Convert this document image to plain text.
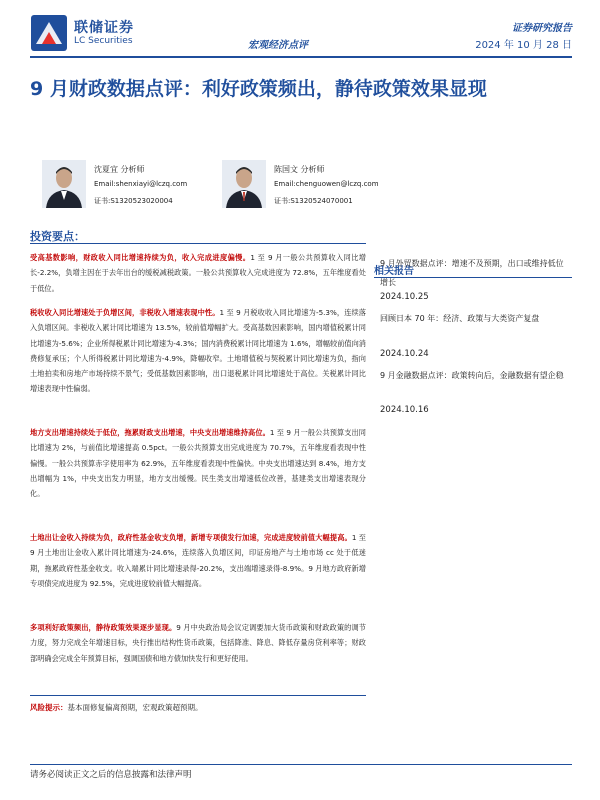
联储证券
LC Securities	宏观经济点评
证券研究报告
2024 年 10 月 28 日
9 月财政数据点评：利好政策频出，静待政策效果显现
沈夏宜 分析师
Email:shenxiayi@lczq.com
证书:S1320523020004
陈国文 分析师
Email:chenguowen@lczq.com
证书:S1320524070001
投资要点：
受高基数影响，财政收入同比增速持续为负，收入完成进度偏慢。1 至 9 月一般公共预算收入同比增长-2.2%，负增主因在于去年出台的缓税减税政策。一般公共预算收入完成进度为 72.8%，五年维度看处于低位。
税收收入同比增速处于负增区间，非税收入增速表现中性。1 至 9 月税收收入同比增速为-5.3%，连续落入负增区间。非税收入累计同比增速为 13.5%，较前值增幅扩大。受高基数因素影响，国内增值税累计同比增速为-5.6%；企业所得税累计同比增速为-4.3%；国内消费税累计同比增速为 1.6%，增幅较前值向消费修复承压；个人所得税累计同比增速为-4.9%，降幅收窄。土地增值税与契税累计同比增速为负，指向土地拍卖和房地产市场持续不景气；受低基数因素影响，出口退税累计同比增速处于高位。关税累计同比增速表现中性偏弱。
地方支出增速持续处于低位，拖累财政支出增速，中央支出增速维持高位。1 至 9 月一般公共预算支出同比增速为 2%，与前值比增速提高 0.5pct。一般公共预算支出完成进度为 70.7%，五年维度看表现中性偏慢。一般公共预算赤字使用率为 62.9%，五年维度看表现中性偏快。中央支出增速达到 8.4%，地方支出增幅为 1%，中央支出发力明显，地方支出缓慢。民生类支出增速低位改善，基建类支出增速表现分化。
土地出让金收入持续为负，政府性基金收支负增，新增专项债发行加速，完成进度较前值大幅提高。1 至 9 月土地出让金收入累计同比增速为-24.6%，连续落入负增区间，印证房地产与土地市场 cc 处于低迷期，拖累政府性基金收支。收入端累计同比增速录得-20.2%，支出端增速录得-8.9%。9 月地方政府新增专项债完成进度为 92.5%，完成进度较前值大幅提高。
多项利好政策频出，静待政策效果逐步显现。9 月中央政治局会议定调要加大货币政策和财政政策的调节力度，努力完成全年增速目标，央行推出结构性货币政策，包括降准、降息、降低存量房贷利率等；财政部明确会完成全年预算目标，强调国债和地方债加快发行和更好使用。
风险提示：基本面修复偏离预期，宏观政策超预期。
相关报告
9 月外贸数据点评：增速不及预期，出口或维持低位增长
2024.10.25
回顾日本 70 年：经济、政策与大类资产复盘
2024.10.24
9 月金融数据点评：政策转向后，金融数据有望企稳
2024.10.16
请务必阅读正文之后的信息披露和法律声明
